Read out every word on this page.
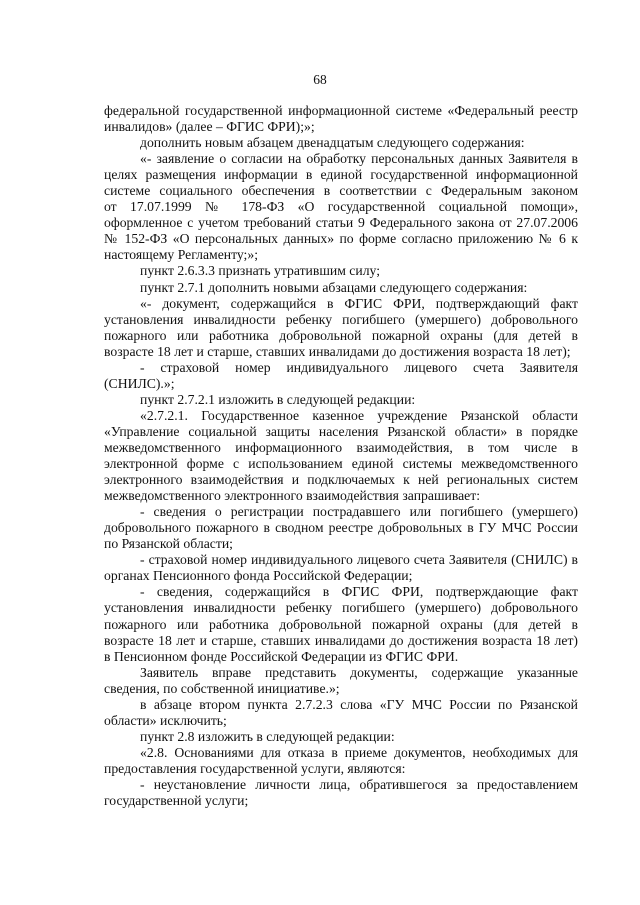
68

федеральной государственной информационной системе «Федеральный реестр
инвалидов» (далее – ФГИС ФРИ);»;

дополнить новым абзацем двенадцатым следующего содержания:

«- заявление о согласии на обработку персональных данных Заявителя в
целях размещения информации в единой государственной информационной
системе социального обеспечения в соответствии с Федеральным законом
от 17.07.1999 № 178-ФЗ «О государственной социальной помощи»,
оформленное с учетом требований статьи 9 Федерального закона от 27.07.2006
№ 152-ФЗ «О персональных данных» по форме согласно приложению № 6 к
настоящему Регламенту;»;

пункт 2.6.3.3 признать утратившим силу;

пункт 2.7.1 дополнить новыми абзацами следующего содержания:

«- документ, содержащийся в ФГИС ФРИ, подтверждающий факт
установления инвалидности ребенку погибшего (умершего) добровольного
пожарного или работника добровольной пожарной охраны (для детей в
возрасте 18 лет и старше, ставших инвалидами до достижения возраста 18 лет);

- страховой номер индивидуального лицевого счета Заявителя
(СНИЛС).»;

пункт 2.7.2.1 изложить в следующей редакции:

«2.7.2.1. Государственное казенное учреждение Рязанской области
«Управление социальной защиты населения Рязанской области» в порядке
межведомственного информационного взаимодействия, в том числе в
электронной форме с использованием единой системы межведомственного
электронного взаимодействия и подключаемых к ней региональных систем
межведомственного электронного взаимодействия запрашивает:

- сведения о регистрации пострадавшего или погибшего (умершего)
добровольного пожарного в сводном реестре добровольных в ГУ МЧС России
по Рязанской области;

- страховой номер индивидуального лицевого счета Заявителя (СНИЛС) в
органах Пенсионного фонда Российской Федерации;

- сведения, содержащийся в ФГИС ФРИ, подтверждающие факт
установления инвалидности ребенку погибшего (умершего) добровольного
пожарного или работника добровольной пожарной охраны (для детей в
возрасте 18 лет и старше, ставших инвалидами до достижения возраста 18 лет)
в Пенсионном фонде Российской Федерации из ФГИС ФРИ.

Заявитель вправе представить документы, содержащие указанные
сведения, по собственной инициативе.»;

в абзаце втором пункта 2.7.2.3 слова «ГУ МЧС России по Рязанской
области» исключить;

пункт 2.8 изложить в следующей редакции:

«2.8. Основаниями для отказа в приеме документов, необходимых для
предоставления государственной услуги, являются:

- неустановление личности лица, обратившегося за предоставлением
государственной услуги;
